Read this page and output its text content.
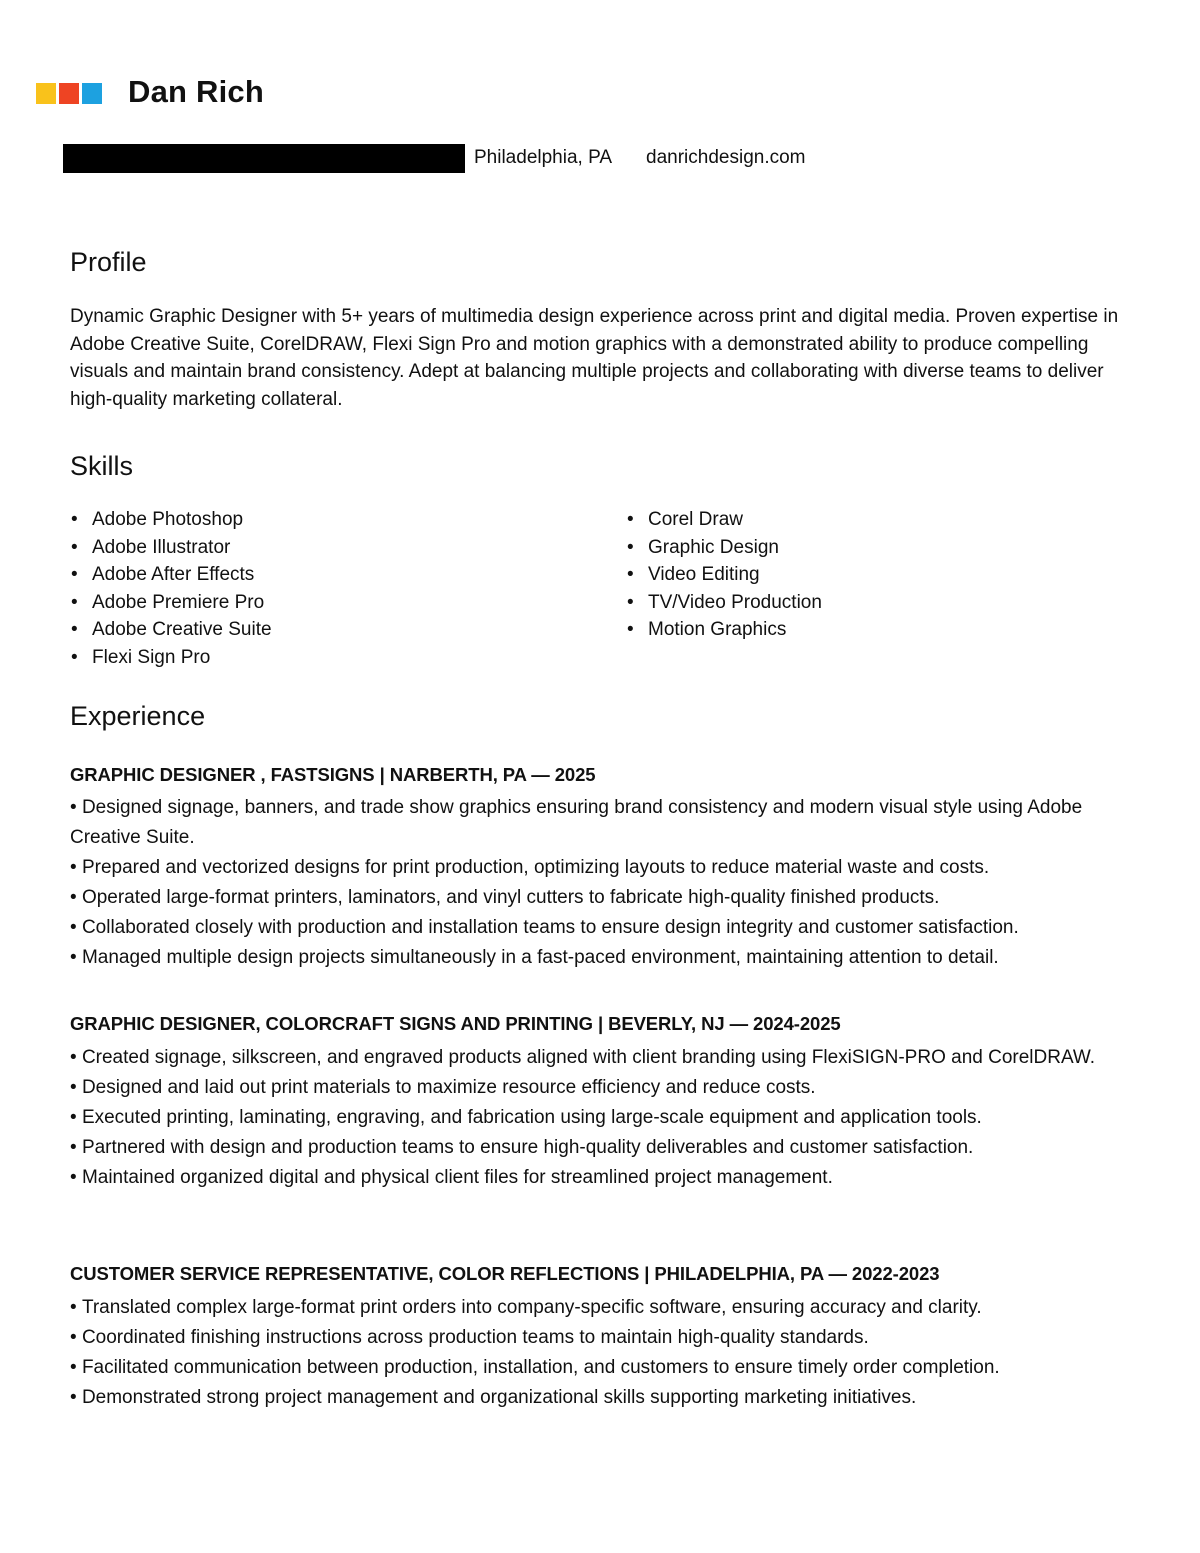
Dan Rich
Philadelphia, PA danrichdesign.com
Profile

Dynamic Graphic Designer with 5+ years of multimedia design experience across print and digital media. Proven expertise in Adobe Creative Suite, CorelDRAW, Flexi Sign Pro and motion graphics with a demonstrated ability to produce compelling visuals and maintain brand consistency. Adept at balancing multiple projects and collaborating with diverse teams to deliver high-quality marketing collateral.

Skills
• Adobe Photoshop
• Adobe Illustrator
• Adobe After Effects
• Adobe Premiere Pro
• Adobe Creative Suite
• Flexi Sign Pro
• Corel Draw
• Graphic Design
• Video Editing
• TV/Video Production
• Motion Graphics
Experience
GRAPHIC DESIGNER , FASTSIGNS | NARBERTH, PA — 2025
• Designed signage, banners, and trade show graphics ensuring brand consistency and modern visual style using Adobe Creative Suite.
• Prepared and vectorized designs for print production, optimizing layouts to reduce material waste and costs.
• Operated large-format printers, laminators, and vinyl cutters to fabricate high-quality finished products.
• Collaborated closely with production and installation teams to ensure design integrity and customer satisfaction.
• Managed multiple design projects simultaneously in a fast-paced environment, maintaining attention to detail.
GRAPHIC DESIGNER, COLORCRAFT SIGNS AND PRINTING | BEVERLY, NJ — 2024-2025
• Created signage, silkscreen, and engraved products aligned with client branding using FlexiSIGN-PRO and CorelDRAW.
• Designed and laid out print materials to maximize resource efficiency and reduce costs.
• Executed printing, laminating, engraving, and fabrication using large-scale equipment and application tools.
• Partnered with design and production teams to ensure high-quality deliverables and customer satisfaction.
• Maintained organized digital and physical client files for streamlined project management.
CUSTOMER SERVICE REPRESENTATIVE, COLOR REFLECTIONS | PHILADELPHIA, PA — 2022-2023
• Translated complex large-format print orders into company-specific software, ensuring accuracy and clarity.
• Coordinated finishing instructions across production teams to maintain high-quality standards.
• Facilitated communication between production, installation, and customers to ensure timely order completion.
• Demonstrated strong project management and organizational skills supporting marketing initiatives.
